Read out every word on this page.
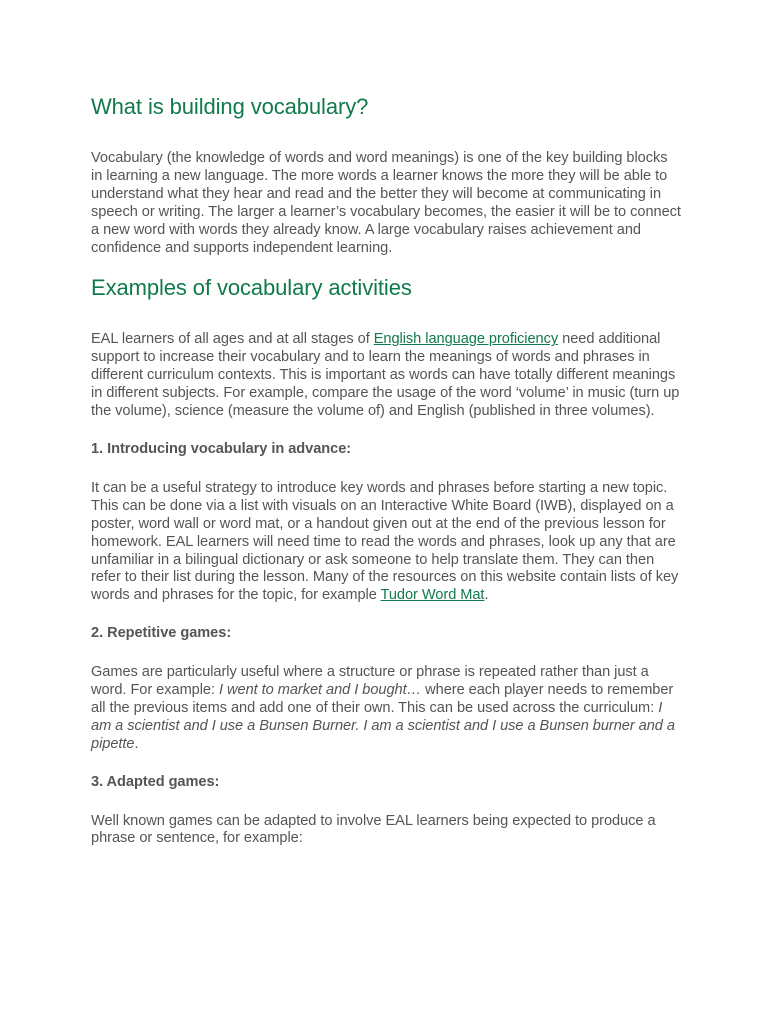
What is building vocabulary?

Vocabulary (the knowledge of words and word meanings) is one of the key building blocks in learning a new language. The more words a learner knows the more they will be able to understand what they hear and read and the better they will become at communicating in speech or writing. The larger a learner’s vocabulary becomes, the easier it will be to connect a new word with words they already know. A large vocabulary raises achievement and confidence and supports independent learning.

Examples of vocabulary activities

EAL learners of all ages and at all stages of English language proficiency need additional support to increase their vocabulary and to learn the meanings of words and phrases in different curriculum contexts. This is important as words can have totally different meanings in different subjects. For example, compare the usage of the word ‘volume’ in music (turn up the volume), science (measure the volume of) and English (published in three volumes).

1. Introducing vocabulary in advance:

It can be a useful strategy to introduce key words and phrases before starting a new topic. This can be done via a list with visuals on an Interactive White Board (IWB), displayed on a poster, word wall or word mat, or a handout given out at the end of the previous lesson for homework. EAL learners will need time to read the words and phrases, look up any that are unfamiliar in a bilingual dictionary or ask someone to help translate them. They can then refer to their list during the lesson. Many of the resources on this website contain lists of key words and phrases for the topic, for example Tudor Word Mat.

2. Repetitive games:

Games are particularly useful where a structure or phrase is repeated rather than just a word. For example: I went to market and I bought… where each player needs to remember all the previous items and add one of their own. This can be used across the curriculum: I am a scientist and I use a Bunsen Burner. I am a scientist and I use a Bunsen burner and a pipette.

3. Adapted games:

Well known games can be adapted to involve EAL learners being expected to produce a phrase or sentence, for example:
